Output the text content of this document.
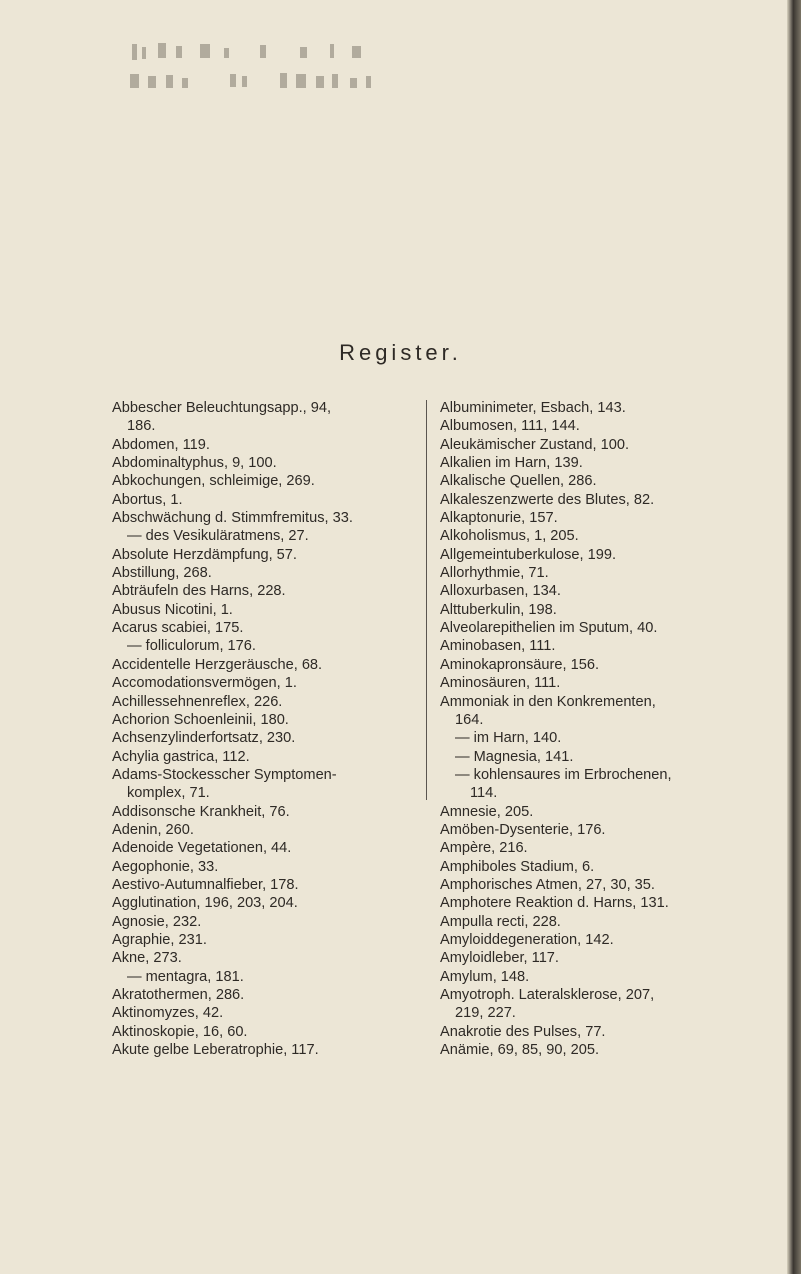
Register.
Abbescher Beleuchtungsapp., 94,
186.
Abdomen, 119.
Abdominaltyphus, 9, 100.
Abkochungen, schleimige, 269.
Abortus, 1.
Abschwächung d. Stimmfremitus, 33.
— des Vesikuläratmens, 27.
Absolute Herzdämpfung, 57.
Abstillung, 268.
Abträufeln des Harns, 228.
Abusus Nicotini, 1.
Acarus scabiei, 175.
— folliculorum, 176.
Accidentelle Herzgeräusche, 68.
Accomodationsvermögen, 1.
Achillessehnenreflex, 226.
Achorion Schoenleinii, 180.
Achsenzylinderfortsatz, 230.
Achylia gastrica, 112.
Adams-Stockesscher Symptomen-
komplex, 71.
Addisonsche Krankheit, 76.
Adenin, 260.
Adenoide Vegetationen, 44.
Aegophonie, 33.
Aestivo-Autumnalfieber, 178.
Agglutination, 196, 203, 204.
Agnosie, 232.
Agraphie, 231.
Akne, 273.
— mentagra, 181.
Akratothermen, 286.
Aktinomyzes, 42.
Aktinoskopie, 16, 60.
Akute gelbe Leberatrophie, 117.
Albuminimeter, Esbach, 143.
Albumosen, 111, 144.
Aleukämischer Zustand, 100.
Alkalien im Harn, 139.
Alkalische Quellen, 286.
Alkaleszenzwerte des Blutes, 82.
Alkaptonurie, 157.
Alkoholismus, 1, 205.
Allgemeintuberkulose, 199.
Allorhythmie, 71.
Alloxurbasen, 134.
Alttuberkulin, 198.
Alveolarepithelien im Sputum, 40.
Aminobasen, 111.
Aminokapronsäure, 156.
Aminosäuren, 111.
Ammoniak in den Konkrementen,
164.
— im Harn, 140.
— Magnesia, 141.
— kohlensaures im Erbrochenen,
114.
Amnesie, 205.
Amöben-Dysenterie, 176.
Ampère, 216.
Amphiboles Stadium, 6.
Amphorisches Atmen, 27, 30, 35.
Amphotere Reaktion d. Harns, 131.
Ampulla recti, 228.
Amyloiddegeneration, 142.
Amyloidleber, 117.
Amylum, 148.
Amyotroph. Lateralsklerose, 207,
219, 227.
Anakrotie des Pulses, 77.
Anämie, 69, 85, 90, 205.
